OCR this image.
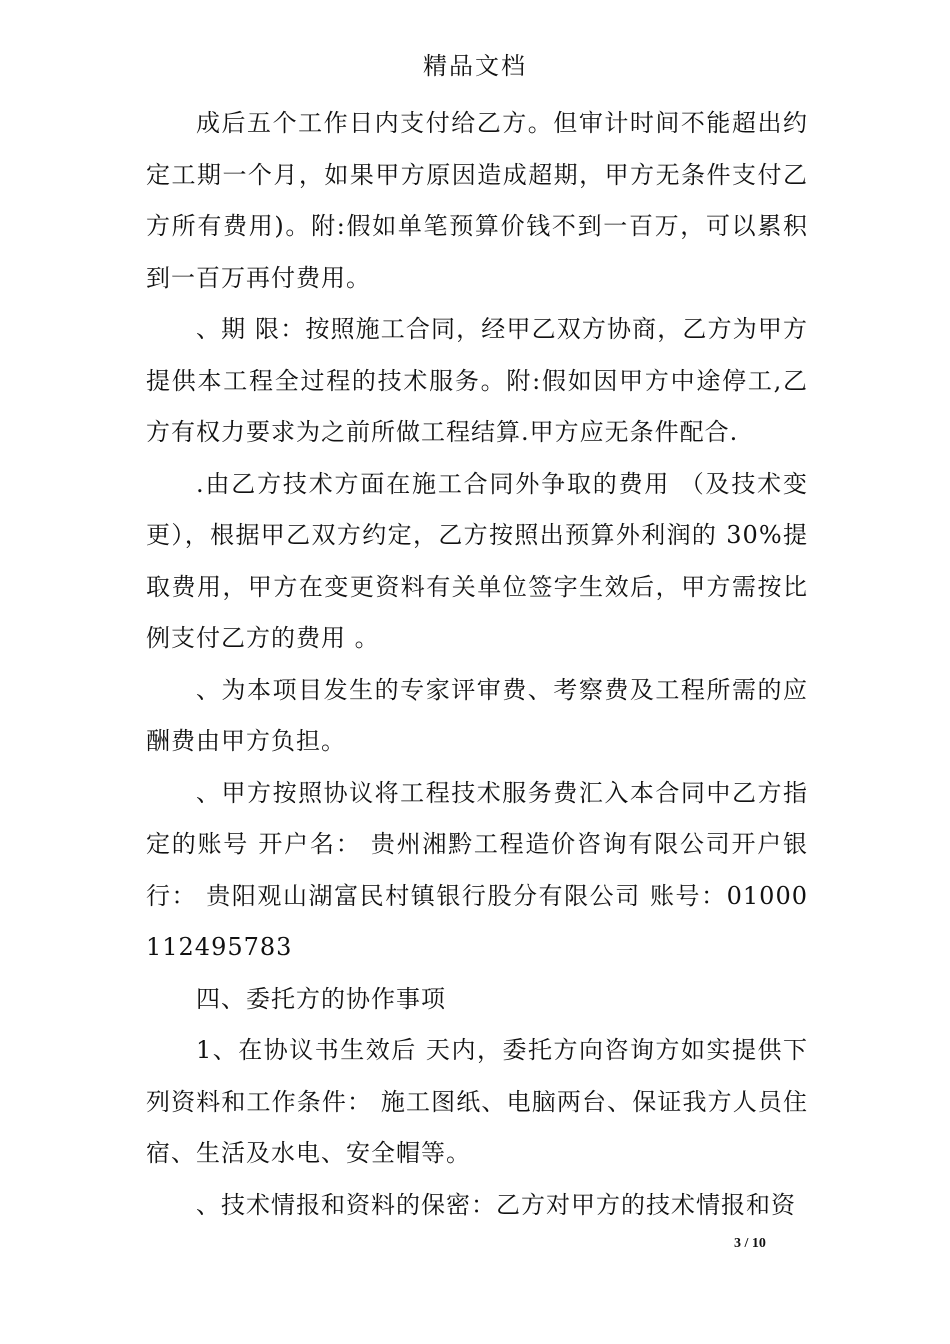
精品文档

成后五个工作日内支付给乙方。但审计时间不能超出约定工期一个月，如果甲方原因造成超期，甲方无条件支付乙方所有费用)。附:假如单笔预算价钱不到一百万，可以累积到一百万再付费用。

、期 限：按照施工合同，经甲乙双方协商，乙方为甲方提供本工程全过程的技术服务。附:假如因甲方中途停工,乙方有权力要求为之前所做工程结算.甲方应无条件配合.

.由乙方技术方面在施工合同外争取的费用 （及技术变更），根据甲乙双方约定，乙方按照出预算外利润的 30%提取费用，甲方在变更资料有关单位签字生效后，甲方需按比例支付乙方的费用 。

、为本项目发生的专家评审费、考察费及工程所需的应酬费由甲方负担。

、甲方按照协议将工程技术服务费汇入本合同中乙方指定的账号 开户名： 贵州湘黔工程造价咨询有限公司开户银行： 贵阳观山湖富民村镇银行股分有限公司 账号：01000112495783

四、委托方的协作事项

1、在协议书生效后 天内，委托方向咨询方如实提供下列资料和工作条件： 施工图纸、电脑两台、保证我方人员住宿、生活及水电、安全帽等。

、技术情报和资料的保密：乙方对甲方的技术情报和资

3 / 10
